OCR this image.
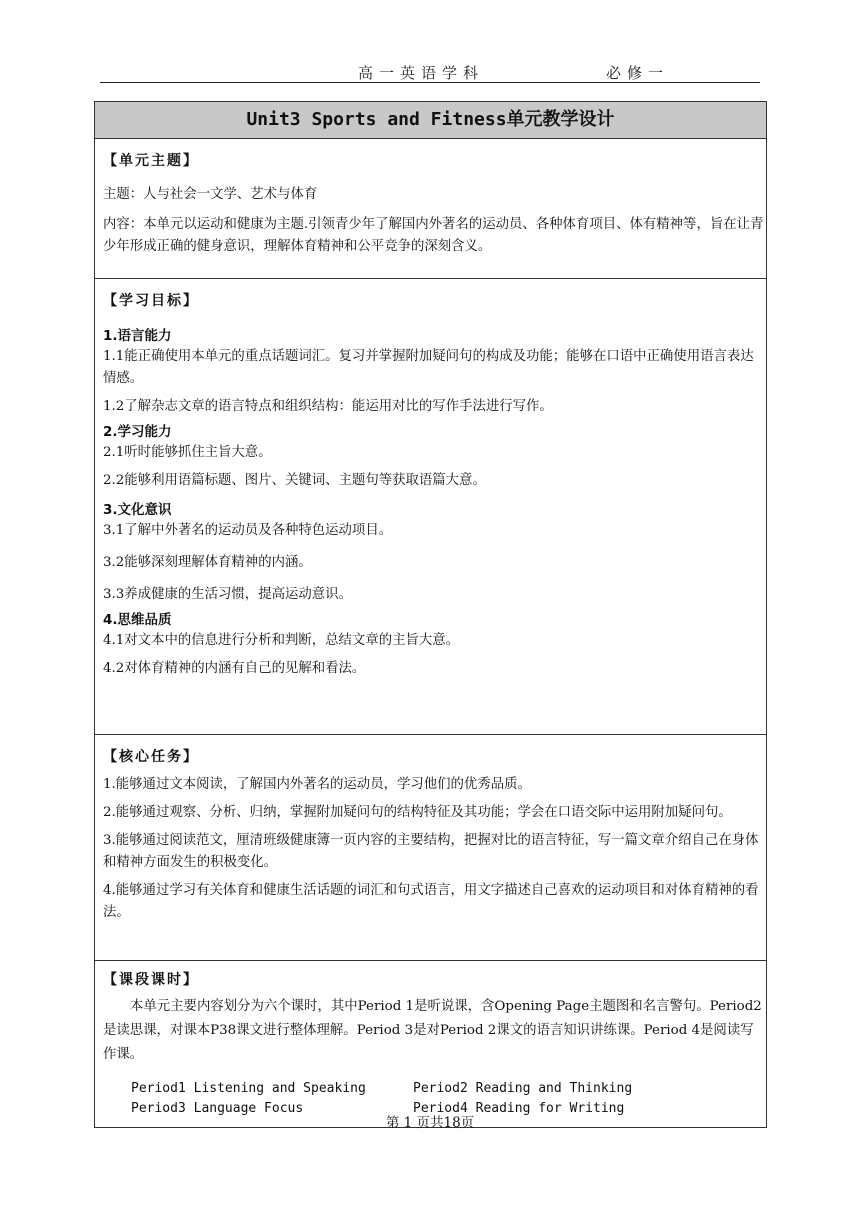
高一英语学科	必修一
Unit3 Sports and Fitness单元教学设计
【单元主题】

主题：人与社会一文学、艺术与体育

内容：本单元以运动和健康为主题.引领青少年了解国内外著名的运动员、各种体育项目、体有精神等，旨在让青少年形成正确的健身意识，理解体育精神和公平竞争的深刻含义。

【学习目标】
1.语言能力

1.1能正确使用本单元的重点话题词汇。复习并掌握附加疑问句的构成及功能；能够在口语中正确使用语言表达情感。

1.2了解杂志文章的语言特点和组织结构：能运用对比的写作手法进行写作。

2.学习能力

2.1听时能够抓住主旨大意。

2.2能够利用语篇标题、图片、关键词、主题句等获取语篇大意。

3.文化意识

3.1了解中外著名的运动员及各种特色运动项目。

3.2能够深刻理解体育精神的内涵。

3.3养成健康的生活习惯，提高运动意识。

4.思维品质

4.1对文本中的信息进行分析和判断，总结文章的主旨大意。

4.2对体育精神的内涵有自己的见解和看法。

【核心任务】

1.能够通过文本阅读，了解国内外著名的运动员，学习他们的优秀品质。

2.能够通过观察、分析、归纳，掌握附加疑问句的结构特征及其功能；学会在口语交际中运用附加疑问句。

3.能够通过阅读范文，厘清班级健康簿一页内容的主要结构，把握对比的语言特征，写一篇文章介绍自己在身体和精神方面发生的积极变化。

4.能够通过学习有关体育和健康生活话题的词汇和句式语言，用文字描述自己喜欢的运动项目和对体育精神的看法。

【课段课时】

本单元主要内容划分为六个课时，其中Period 1是听说课，含Opening Page主题图和名言警句。Period2是读思课，对课本P38课文进行整体理解。Period 3是对Period 2课文的语言知识讲练课。Period 4是阅读写作课。

Period1 Listening and Speaking	Period2 Reading and Thinking
Period3 Language Focus	Period4 Reading for Writing
第 1 页共18页
